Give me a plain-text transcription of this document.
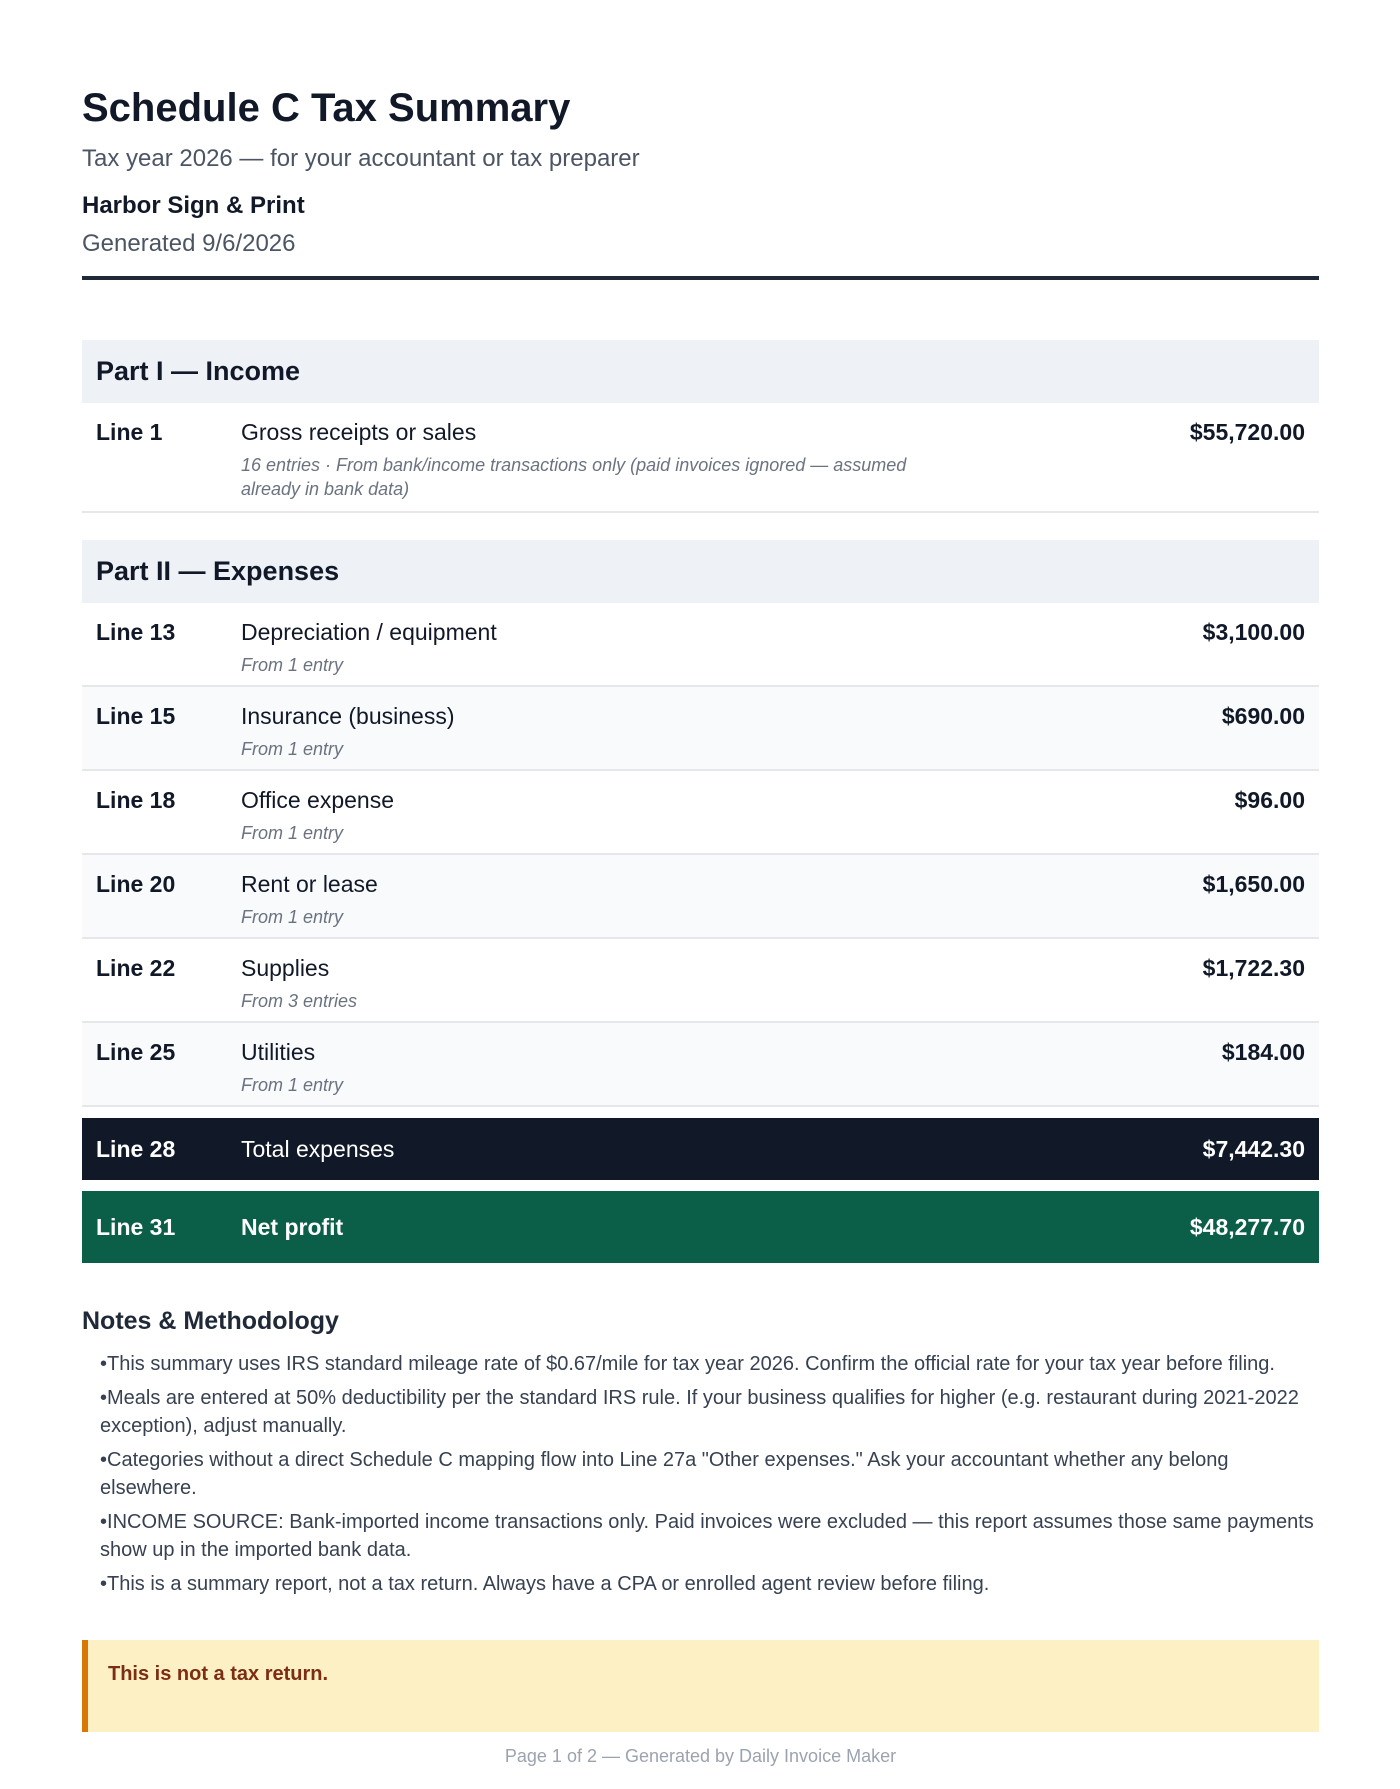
Schedule C Tax Summary
Tax year 2026 — for your accountant or tax preparer
Harbor Sign & Print
Generated 9/6/2026
Part I — Income
Line 1	Gross receipts or sales
16 entries · From bank/income transactions only (paid invoices ignored — assumed already in bank data)
$55,720.00
Part II — Expenses
Line 13	Depreciation / equipment
From 1 entry
$3,100.00
Line 15	Insurance (business)
From 1 entry
$690.00
Line 18	Office expense
From 1 entry
$96.00
Line 20	Rent or lease
From 1 entry
$1,650.00
Line 22	Supplies
From 3 entries
$1,722.30
Line 25	Utilities
From 1 entry
$184.00
Line 28	Total expenses	$7,442.30
Line 31	Net profit	$48,277.70
Notes & Methodology
• This summary uses IRS standard mileage rate of $0.67/mile for tax year 2026. Confirm the official rate for your tax year before filing.
• Meals are entered at 50% deductibility per the standard IRS rule. If your business qualifies for higher (e.g. restaurant during 2021-2022 exception), adjust manually.
• Categories without a direct Schedule C mapping flow into Line 27a "Other expenses." Ask your accountant whether any belong elsewhere.
• INCOME SOURCE: Bank-imported income transactions only. Paid invoices were excluded — this report assumes those same payments show up in the imported bank data.
• This is a summary report, not a tax return. Always have a CPA or enrolled agent review before filing.
This is not a tax return.
Page 1 of 2 — Generated by Daily Invoice Maker
